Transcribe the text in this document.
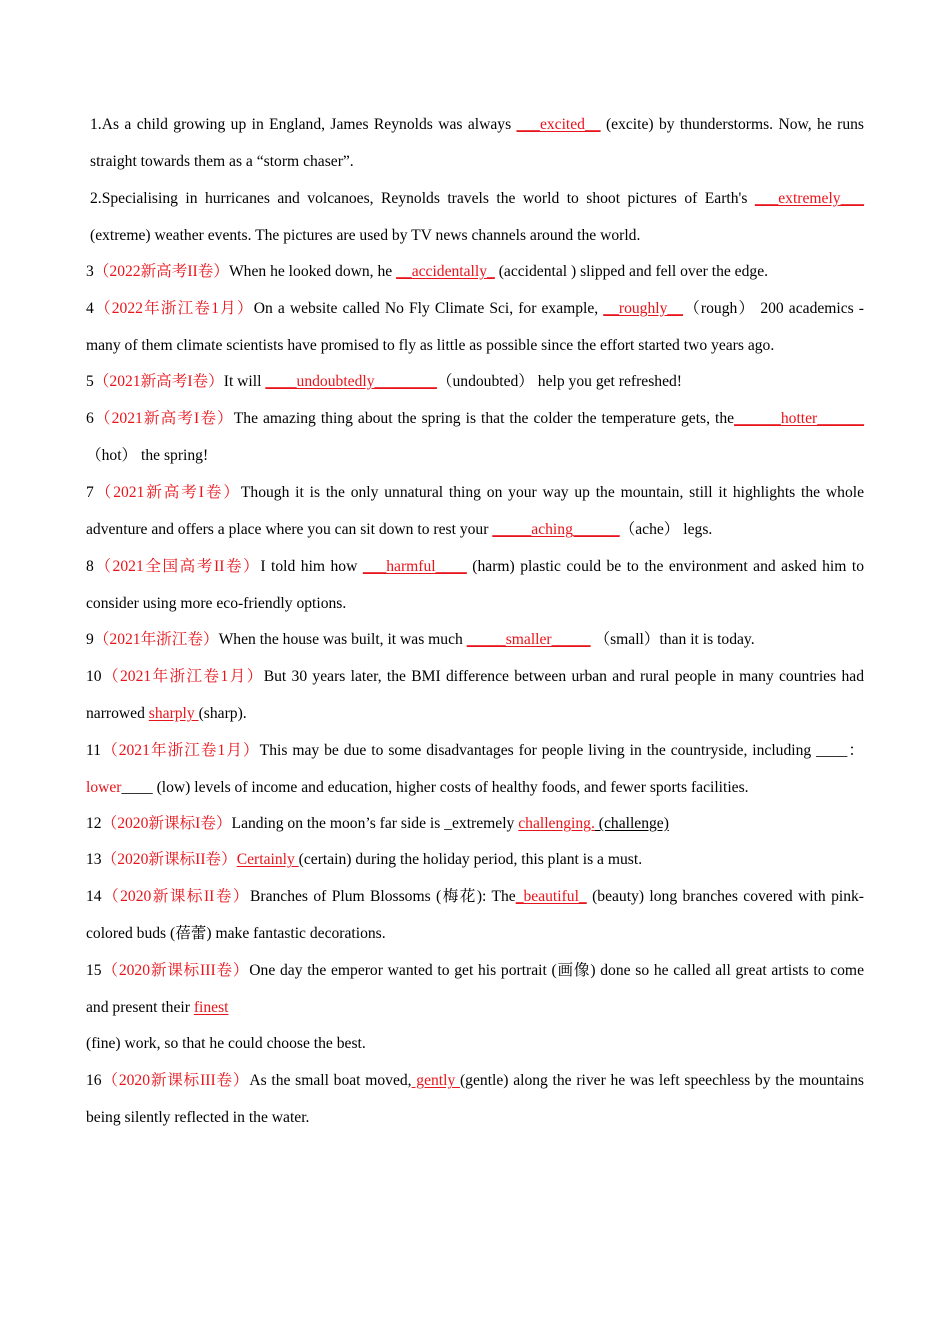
1.As a child growing up in England, James Reynolds was always ___excited__ (excite) by thunderstorms. Now, he runs straight towards them as a “storm chaser”.

2.Specialising in hurricanes and volcanoes, Reynolds travels the world to shoot pictures of Earth's ___extremely___ (extreme) weather events. The pictures are used by TV news channels around the world.

3（2022新高考II卷）When he looked down, he __accidentally_ (accidental ) slipped and fell over the edge.

4（2022年浙江卷1月）On a website called No Fly Climate Sci, for example, __roughly__（rough） 200 academics - many of them climate scientists have promised to fly as little as possible since the effort started two years ago.

5（2021新高考I卷）It will ____undoubtedly________（undoubted） help you get refreshed!

6（2021新高考I卷）The amazing thing about the spring is that the colder the temperature gets, the______hotter______（hot） the spring!

7（2021新高考I卷）Though it is the only unnatural thing on your way up the mountain, still it highlights the whole adventure and offers a place where you can sit down to rest your _____aching______（ache） legs.

8（2021全国高考II卷）I told him how ___harmful____ (harm) plastic could be to the environment and asked him to consider using more eco-friendly options.

9（2021年浙江卷）When the house was built, it was much _____smaller_____ （small）than it is today.

10（2021年浙江卷1月）But 30 years later, the BMI difference between urban and rural people in many countries had narrowed sharply (sharp).

11（2021年浙江卷1月）This may be due to some disadvantages for people living in the countryside, including ____：lower____ (low) levels of income and education, higher costs of healthy foods, and fewer sports facilities.

12（2020新课标I卷）Landing on the moon’s far side is _extremely challenging. (challenge)

13（2020新课标II卷）Certainly (certain) during the holiday period, this plant is a must.

14（2020新课标II卷）Branches of Plum Blossoms (梅花): The_beautiful_ (beauty) long branches covered with pink-colored buds (蓓蕾) make fantastic decorations.

15（2020新课标III卷）One day the emperor wanted to get his portrait (画像) done so he called all great artists to come and present their finest

(fine) work, so that he could choose the best.

16（2020新课标III卷）As the small boat moved, gently (gentle) along the river he was left speechless by the mountains being silently reflected in the water.
